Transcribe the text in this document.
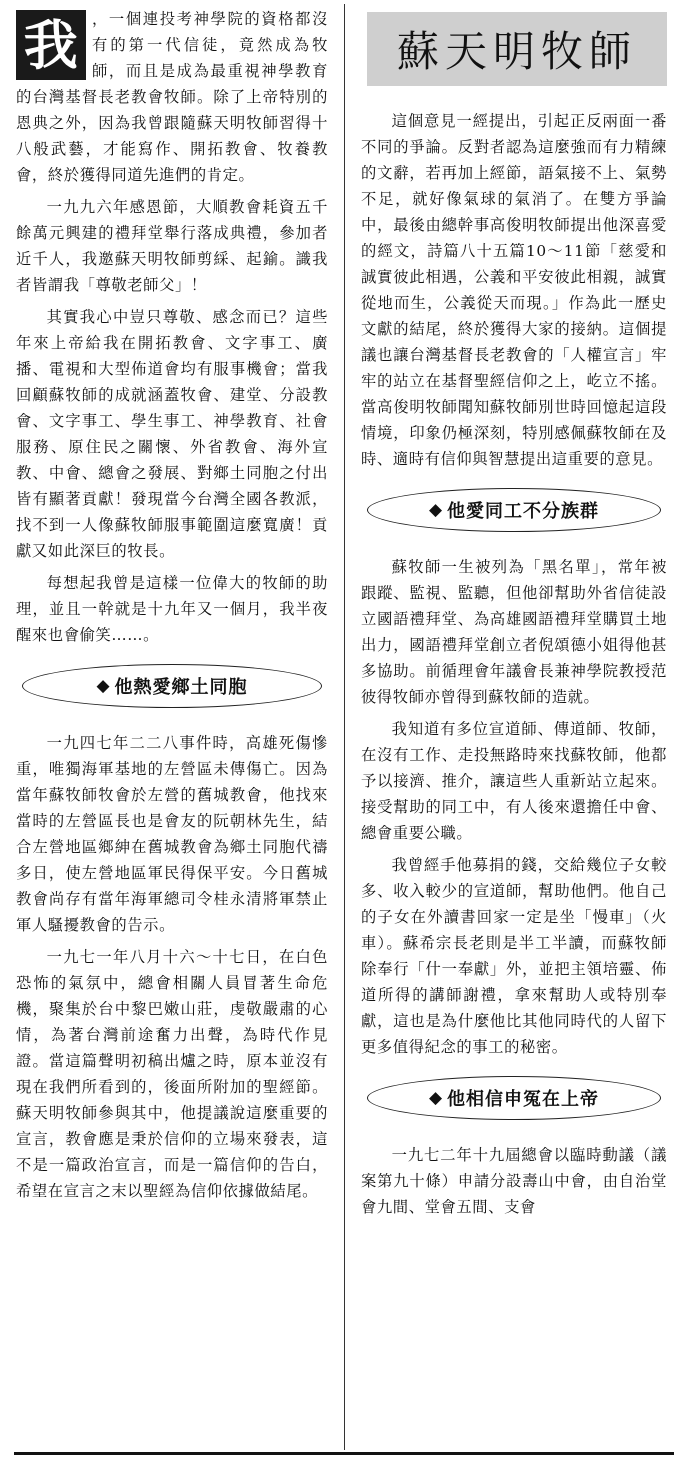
我 ，一個連投考神學院的資格都沒有的第一代信徒，竟然成為牧師，而且是成為最重視神學教育的台灣基督長老教會牧師。除了上帝特別的恩典之外，因為我曾跟隨蘇天明牧師習得十八般武藝，才能寫作、開拓教會、牧養教會，終於獲得同道先進們的肯定。

一九九六年感恩節，大順教會耗資五千餘萬元興建的禮拜堂舉行落成典禮，參加者近千人，我邀蘇天明牧師剪綵、起鍮。識我者皆謂我「尊敬老師父」！

其實我心中豈只尊敬、感念而已？這些年來上帝給我在開拓教會、文字事工、廣播、電視和大型佈道會均有服事機會；當我回顧蘇牧師的成就涵蓋牧會、建堂、分設教會、文字事工、學生事工、神學教育、社會服務、原住民之關懷、外省教會、海外宣教、中會、總會之發展、對鄉土同胞之付出皆有顯著貢獻！發現當今台灣全國各教派，找不到一人像蘇牧師服事範圍這麼寬廣！貢獻又如此深巨的牧長。

每想起我曾是這樣一位偉大的牧師的助理，並且一幹就是十九年又一個月，我半夜醒來也會偷笑……。

◆ 他熱愛鄉土同胞

一九四七年二二八事件時，高雄死傷慘重，唯獨海軍基地的左營區未傳傷亡。因為當年蘇牧師牧會於左營的舊城教會，他找來當時的左營區長也是會友的阮朝林先生，結合左營地區鄉紳在舊城教會為鄉土同胞代禱多日，使左營地區軍民得保平安。今日舊城教會尚存有當年海軍總司令桂永清將軍禁止軍人騷擾教會的告示。

一九七一年八月十六～十七日，在白色恐怖的氣氛中，總會相關人員冒著生命危機，聚集於台中黎巴嫩山莊，虔敬嚴肅的心情，為著台灣前途奮力出聲，為時代作見證。當這篇聲明初稿出爐之時，原本並沒有現在我們所看到的，後面所附加的聖經節。蘇天明牧師參與其中，他提議說這麼重要的宣言，教會應是秉於信仰的立場來發表，這不是一篇政治宣言，而是一篇信仰的告白，希望在宣言之末以聖經為信仰依據做結尾。

蘇天明牧師

這個意見一經提出，引起正反兩面一番不同的爭論。反對者認為這麼強而有力精練的文辭，若再加上經節，語氣接不上、氣勢不足，就好像氣球的氣消了。在雙方爭論中，最後由總幹事高俊明牧師提出他深喜愛的經文，詩篇八十五篇10～11節「慈愛和誠實彼此相遇，公義和平安彼此相親，誠實從地而生，公義從天而現。」作為此一歷史文獻的結尾，終於獲得大家的接納。這個提議也讓台灣基督長老教會的「人權宣言」牢牢的站立在基督聖經信仰之上，屹立不搖。當高俊明牧師聞知蘇牧師別世時回憶起這段情境，印象仍極深刻，特別感佩蘇牧師在及時、適時有信仰與智慧提出這重要的意見。

◆ 他愛同工不分族群

蘇牧師一生被列為「黑名單」，常年被跟蹤、監視、監聽，但他卻幫助外省信徒設立國語禮拜堂、為高雄國語禮拜堂購買土地出力，國語禮拜堂創立者倪頌德小姐得他甚多協助。前循理會年議會長兼神學院教授范彼得牧師亦曾得到蘇牧師的造就。

我知道有多位宣道師、傳道師、牧師，在沒有工作、走投無路時來找蘇牧師，他都予以接濟、推介，讓這些人重新站立起來。接受幫助的同工中，有人後來還擔任中會、總會重要公職。

我曾經手他募捐的錢，交給幾位子女較多、收入較少的宣道師，幫助他們。他自己的子女在外讀書回家一定是坐「慢車」（火車）。蘇希宗長老則是半工半讀，而蘇牧師除奉行「什一奉獻」外，並把主領培靈、佈道所得的講師謝禮，拿來幫助人或特別奉獻，這也是為什麼他比其他同時代的人留下更多值得紀念的事工的秘密。

◆ 他相信申冤在上帝

一九七二年十九屆總會以臨時動議（議案第九十條）申請分設壽山中會，由自治堂會九間、堂會五間、支會
